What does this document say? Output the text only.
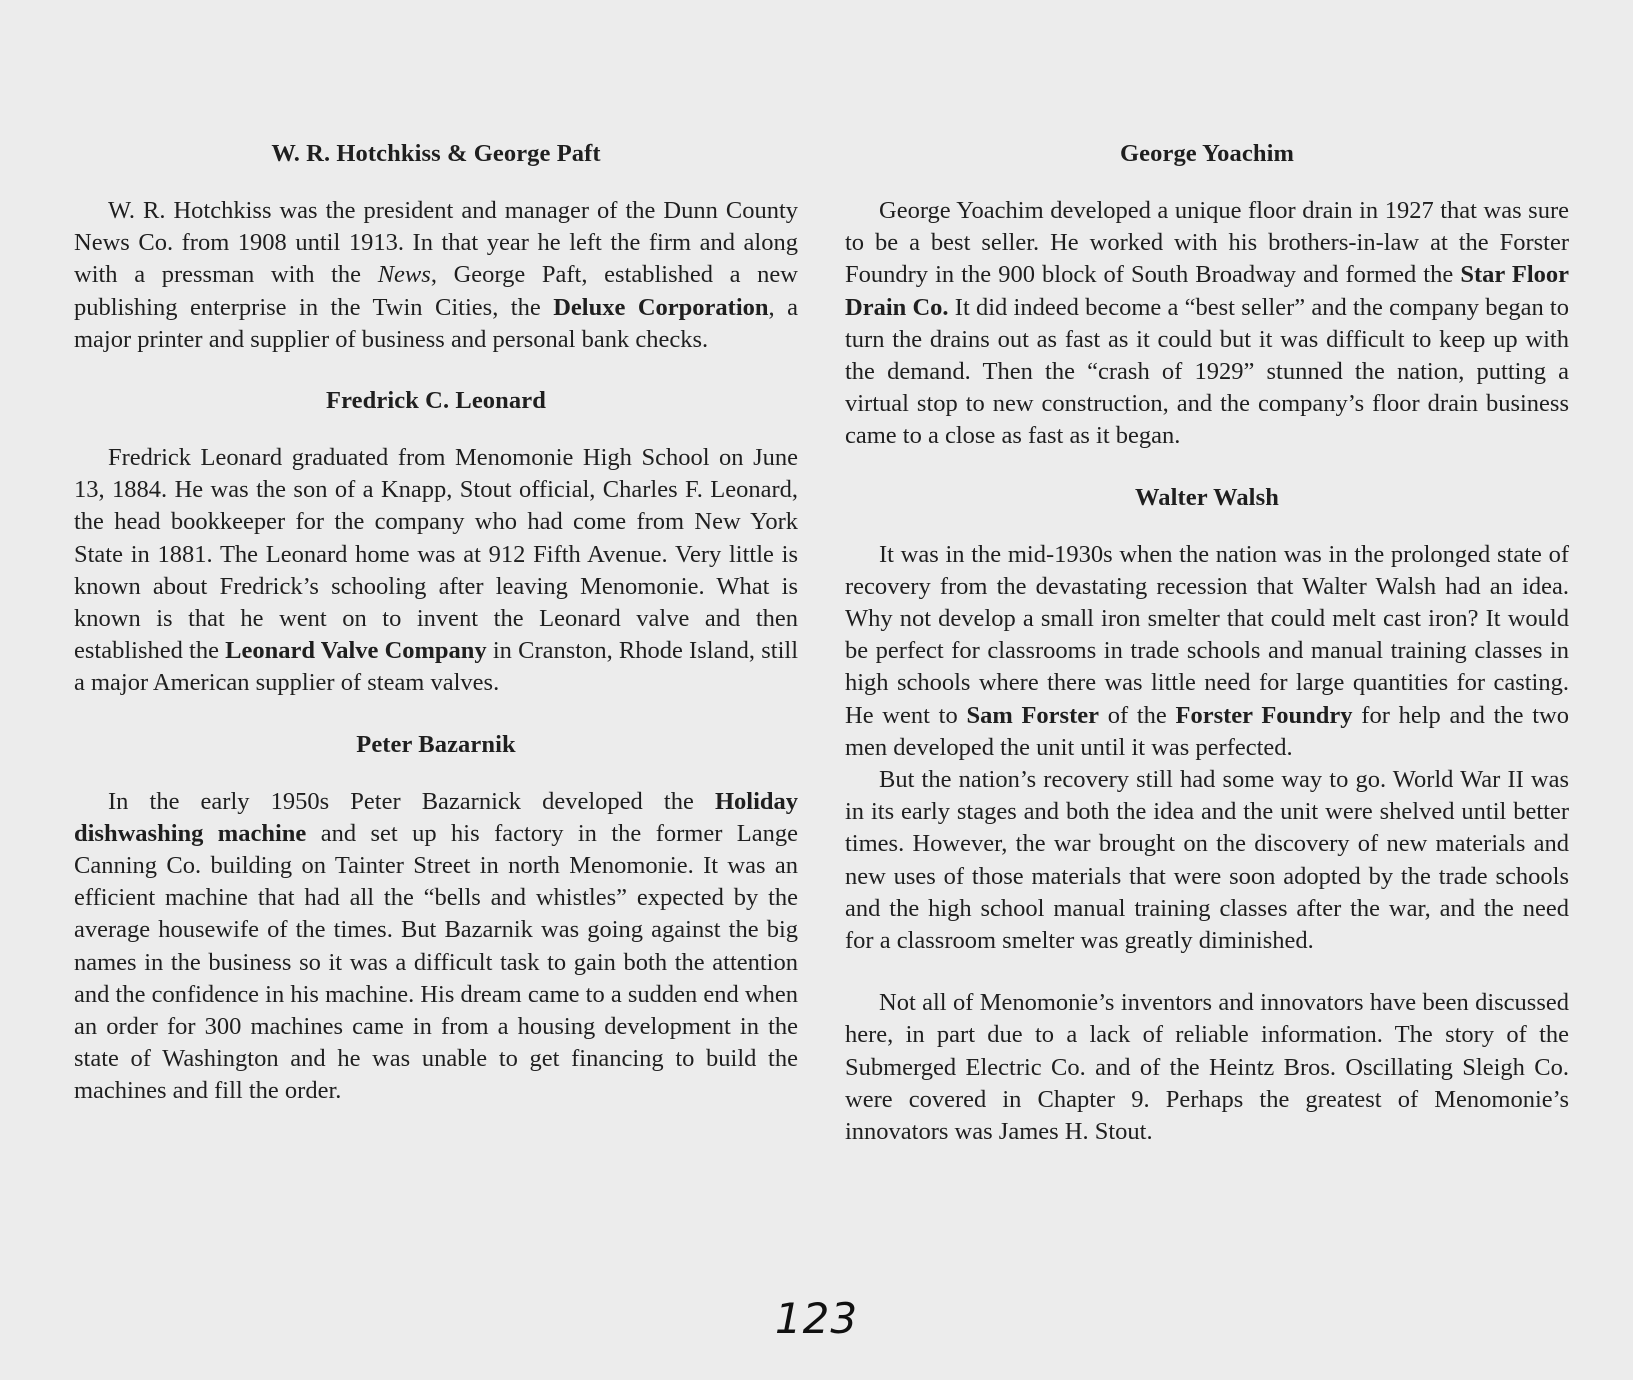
W. R. Hotchkiss & George Paft

W. R. Hotchkiss was the president and manager of the Dunn County News Co. from 1908 until 1913. In that year he left the firm and along with a pressman with the News, George Paft, established a new publishing enterprise in the Twin Cities, the Deluxe Corporation, a major printer and supplier of business and personal bank checks.

Fredrick C. Leonard

Fredrick Leonard graduated from Menomonie High School on June 13, 1884. He was the son of a Knapp, Stout official, Charles F. Leonard, the head bookkeeper for the company who had come from New York State in 1881. The Leonard home was at 912 Fifth Avenue. Very little is known about Fredrick’s schooling after leaving Menomonie. What is known is that he went on to invent the Leonard valve and then established the Leonard Valve Company in Cranston, Rhode Island, still a major American supplier of steam valves.

Peter Bazarnik

In the early 1950s Peter Bazarnick developed the Holiday dishwashing machine and set up his factory in the former Lange Canning Co. building on Tainter Street in north Menomonie. It was an efficient machine that had all the “bells and whistles” expected by the average housewife of the times. But Bazarnik was going against the big names in the business so it was a difficult task to gain both the attention and the confidence in his machine. His dream came to a sudden end when an order for 300 machines came in from a housing development in the state of Washington and he was unable to get financing to build the machines and fill the order.

George Yoachim

George Yoachim developed a unique floor drain in 1927 that was sure to be a best seller. He worked with his brothers-in-law at the Forster Foundry in the 900 block of South Broadway and formed the Star Floor Drain Co. It did indeed become a “best seller” and the company began to turn the drains out as fast as it could but it was difficult to keep up with the demand. Then the “crash of 1929” stunned the nation, putting a virtual stop to new construction, and the company’s floor drain business came to a close as fast as it began.

Walter Walsh

It was in the mid-1930s when the nation was in the prolonged state of recovery from the devastating recession that Walter Walsh had an idea. Why not develop a small iron smelter that could melt cast iron? It would be perfect for classrooms in trade schools and manual training classes in high schools where there was little need for large quantities for casting. He went to Sam Forster of the Forster Foundry for help and the two men developed the unit until it was perfected.

But the nation’s recovery still had some way to go. World War II was in its early stages and both the idea and the unit were shelved until better times. However, the war brought on the discovery of new materials and new uses of those materials that were soon adopted by the trade schools and the high school manual training classes after the war, and the need for a classroom smelter was greatly diminished.

Not all of Menomonie’s inventors and innovators have been discussed here, in part due to a lack of reliable information. The story of the Submerged Electric Co. and of the Heintz Bros. Oscillating Sleigh Co. were covered in Chapter 9. Perhaps the greatest of Menomonie’s innovators was James H. Stout.

123
